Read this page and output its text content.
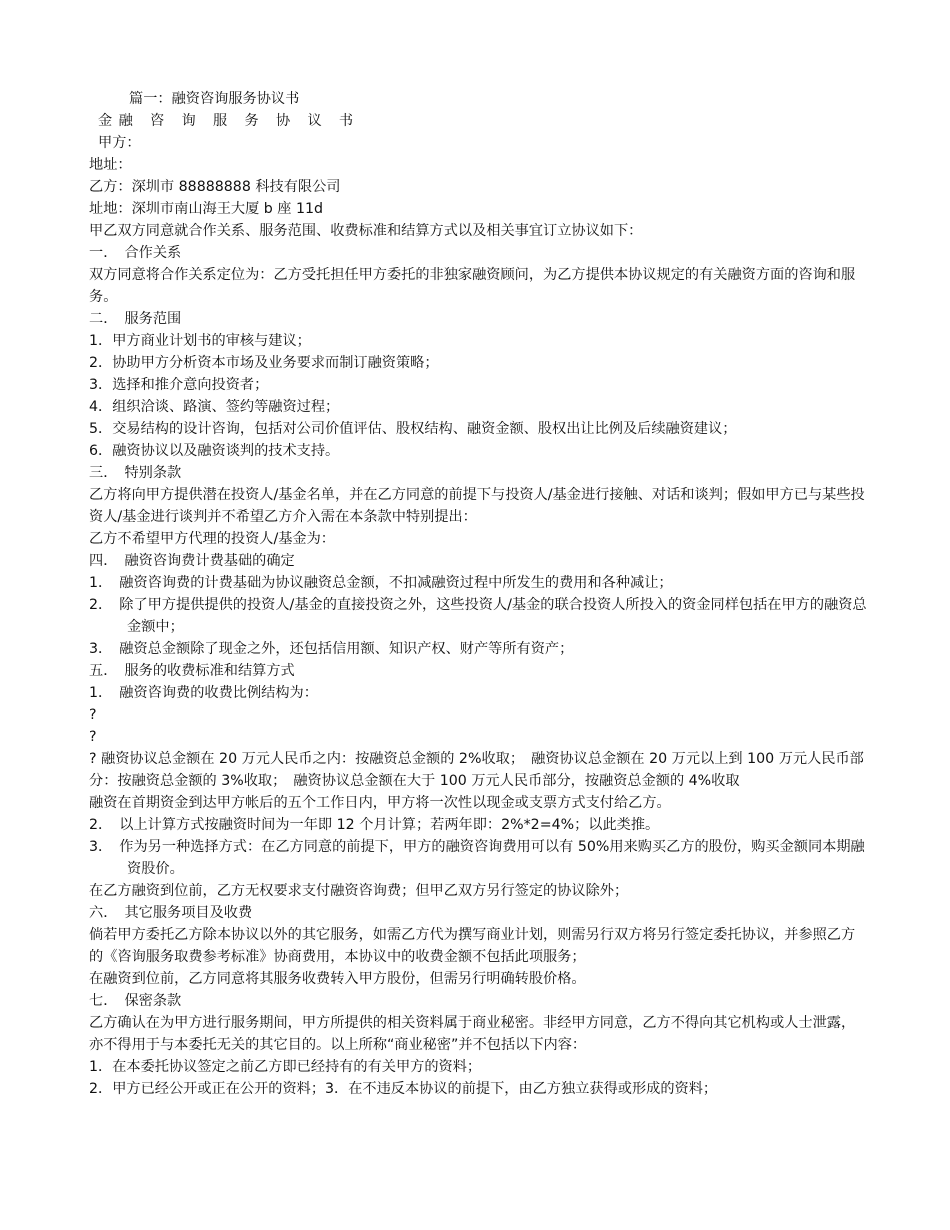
篇一：融资咨询服务协议书
金融 咨 询 服 务 协 议 书
甲方：
地址：
乙方：深圳市 88888888 科技有限公司
址地：深圳市南山海王大厦 b 座 11d
甲乙双方同意就合作关系、服务范围、收费标准和结算方式以及相关事宜订立协议如下：
一．　合作关系
双方同意将合作关系定位为：乙方受托担任甲方委托的非独家融资顾问，为乙方提供本协议规定的有关融资方面的咨询和服务。
二．　服务范围
1．甲方商业计划书的审核与建议；
2．协助甲方分析资本市场及业务要求而制订融资策略；
3．选择和推介意向投资者；
4．组织洽谈、路演、签约等融资过程；
5．交易结构的设计咨询，包括对公司价值评估、股权结构、融资金额、股权出让比例及后续融资建议；
6．融资协议以及融资谈判的技术支持。
三．　特别条款
乙方将向甲方提供潜在投资人/基金名单，并在乙方同意的前提下与投资人/基金进行接触、对话和谈判；假如甲方已与某些投资人/基金进行谈判并不希望乙方介入需在本条款中特别提出：
乙方不希望甲方代理的投资人/基金为：
四．　融资咨询费计费基础的确定
1．　融资咨询费的计费基础为协议融资总金额，不扣减融资过程中所发生的费用和各种减让；
2．　除了甲方提供提供的投资人/基金的直接投资之外，这些投资人/基金的联合投资人所投入的资金同样包括在甲方的融资总金额中；
3．　融资总金额除了现金之外，还包括信用额、知识产权、财产等所有资产；
五．　服务的收费标准和结算方式
1．　融资咨询费的收费比例结构为：
?
?
? 融资协议总金额在 20 万元人民币之内：按融资总金额的 2%收取；　融资协议总金额在 20 万元以上到 100 万元人民币部分：按融资总金额的 3%收取；　融资协议总金额在大于 100 万元人民币部分，按融资总金额的 4%收取
融资在首期资金到达甲方帐后的五个工作日内，甲方将一次性以现金或支票方式支付给乙方。
2．　以上计算方式按融资时间为一年即 12 个月计算；若两年即：2%*2=4%；以此类推。
3．　作为另一种选择方式：在乙方同意的前提下，甲方的融资咨询费用可以有 50%用来购买乙方的股份，购买金额同本期融资股价。
在乙方融资到位前，乙方无权要求支付融资咨询费；但甲乙双方另行签定的协议除外；
六．　其它服务项目及收费
倘若甲方委托乙方除本协议以外的其它服务，如需乙方代为撰写商业计划，则需另行双方将另行签定委托协议，并参照乙方的《咨询服务取费参考标准》协商费用，本协议中的收费金额不包括此项服务；
在融资到位前，乙方同意将其服务收费转入甲方股份，但需另行明确转股价格。
七．　保密条款
乙方确认在为甲方进行服务期间，甲方所提供的相关资料属于商业秘密。非经甲方同意，乙方不得向其它机构或人士泄露，亦不得用于与本委托无关的其它目的。以上所称“商业秘密”并不包括以下内容：
1．在本委托协议签定之前乙方即已经持有的有关甲方的资料；
2．甲方已经公开或正在公开的资料；3．在不违反本协议的前提下，由乙方独立获得或形成的资料；
